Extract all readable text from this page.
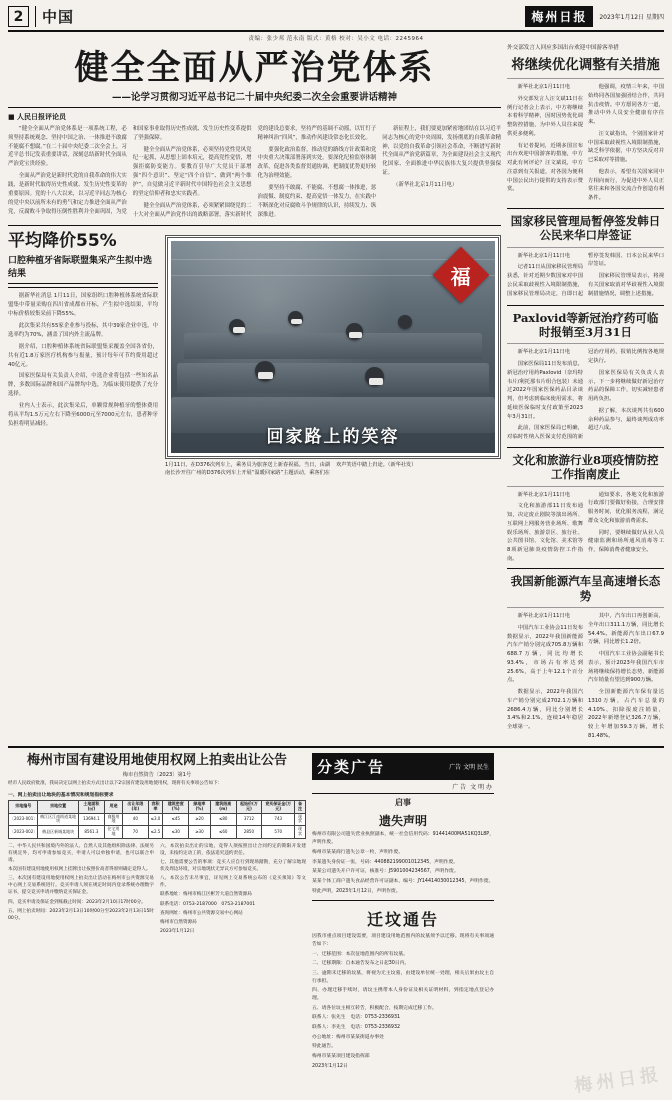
2	中国	梅州日报	2023年1月12日 星期四
责编：张少邦 范永南 版式：黄格 校对：吴小文 电话：2245964
健全全面从严治党体系
——论学习贯彻习近平总书记二十届中央纪委二次全会重要讲话精神
■ 人民日报评论员

“健全全面从严治党体系是一项系统工程，必须坚持系统观念、坚持中国之治、一体推进不敢腐不能腐不想腐。”在二十届中央纪委二次全会上，习近平总书记发表重要讲话，深刻总结新时代全面从严治党宝贵经验。

全面从严治党是新时代党的自我革命的伟大实践，是新时代取得历史性成就、发生历史性变革的重要原因。党的十八大以来，以习近平同志为核心的党中央以前所未有的勇气和定力推进全面从严治党，反腐败斗争取得压倒性胜利并全面巩固，为党和国家事业取得历史性成就、发生历史性变革提供了坚强保障。

健全全面从严治党体系，必须坚持党性党风党纪一起抓，从思想上固本培元，提高党性觉悟，增强拒腐防变能力。要教育引导广大党员干部增强“四个意识”、坚定“四个自信”、做到“两个维护”，自觉做习近平新时代中国特色社会主义思想的坚定信仰者和忠实实践者。

健全全面从严治党体系，必须紧紧围绕党的二十大对全面从严治党作出的战略部署，落实新时代党的建设总要求，坚持严的基调不动摇，以钉钉子精神纠治“四风”，推动作风建设常态化长效化。

要强化政治监督，推动党的路线方针政策和党中央重大决策部署落到实处。要深化纪检监察体制改革，促进各类监督贯通协调，把制度优势更好转化为治理效能。

要坚持不敢腐、不能腐、不想腐一体推进，惩治震慑、制度约束、提高觉悟一体发力，在实践中不断深化对反腐败斗争规律的认识，持续发力、纵深推进。

新征程上，我们要更加紧密地团结在以习近平同志为核心的党中央周围，发扬彻底的自我革命精神，以党的自我革命引领社会革命，不断谱写新时代全面从严治党新篇章，为全面建设社会主义现代化国家、全面推进中华民族伟大复兴提供坚强保证。

（新华社北京1月11日电）

平均降价55%
口腔种植牙省际联盟集采产生拟中选结果

据新华社消息 1月11日，国家组织口腔种植体系统省际联盟集中带量采购在四川省成都市开标，产生拟中选结果，平均中标价格较集采前下降55%。

此次集采共有55家企业参与投标，其中39家企业中选，中选率约为70%，涵盖了国内外主流品牌。

据介绍，口腔种植体系统省际联盟集采覆盖全国各省份，共有近1.8万家医疗机构参与报量，预计每年可节约费用超过40亿元。

国家医保局有关负责人介绍，中选企业将包括一些知名品牌，多数国际品牌和国产品牌均中选，为临床使用提供了充分选择。

业内人士表示，此次集采后，单颗常规种植牙的整体费用将从平均1.5万元左右下降至6000元至7000元左右，患者种牙负担将明显减轻。

福
回家路上的笑容
1月11日，在D376次列车上，乘务员为旅客送上新春祝福。当日，由湖南长沙开往广州的D376次列车上开展“温暖回家路”主题活动，乘客们在欢声笑语中踏上归途。（新华社发）
外交部发言人回应多国出台欢迎中国游客举措
将继续优化调整有关措施

新华社北京1月11日电

外交部发言人汪文斌11日在例行记者会上表示，中方将继续本着科学精神，因时因势优化调整防控措施，为中外人员往来提供更多便利。

有记者提问，近期多国宣布出台欢迎中国游客的措施，中方对此有何评论？汪文斌说，中方注意到有关报道，对各国为便利中国公民出行提供的支持表示赞赏。

他强调，疫情三年来，中国始终同各国加强团结合作，共同抗击疫情。中方愿同各方一道，推动中外人员安全健康有序往来。

汪文斌指出，个别国家针对中国采取歧视性入境限制措施，缺乏科学依据，中方坚决反对并已采取对等措施。

他表示，希望有关国家同中方相向而行，为促进中外人员正常往来和各国交流合作创造有利条件。

国家移民管理局暂停签发韩日公民来华口岸签证

新华社北京1月11日电

记者11日从国家移民管理局获悉，针对近期少数国家对中国公民采取歧视性入境限制措施，国家移民管理局决定，自即日起暂停签发韩国、日本公民来华口岸签证。

国家移民管理局表示，将视有关国家取消对华歧视性入境限制措施情况，调整上述措施。

Paxlovid等新冠治疗药可临时报销至3月31日

新华社北京1月11日电

国家医保局11日发布消息，新冠治疗用药Paxlovid（奈玛特韦片/利托那韦片组合包装）未通过2022年国家医保药品目录谈判，但考虑到临床使用需求，将延续医保临时支付政策至2023年3月31日。

此前，国家医保局已明确，对临时性纳入医保支付范围的新冠治疗用药，报销比例按各地规定执行。

国家医保局有关负责人表示，下一步将继续做好新冠治疗药品的保障工作，切实减轻患者用药负担。

据了解，本次谈判共有600余种药品参与，最终谈判成功率超过八成。

文化和旅游行业8项疫情防控工作指南废止

新华社北京1月11日电

文化和旅游部11日发布通知，决定废止剧院等演出场所、互联网上网服务营业场所、歌舞娱乐场所、旅游景区、旅行社、公共图书馆、文化馆、美术馆等8项新冠肺炎疫情防控工作指南。

通知要求，各地文化和旅游行政部门要做好衔接，合理安排服务时间，优化服务流程，满足群众文化和旅游消费需求。

同时，要继续做好从业人员健康监测和场所通风消毒等工作，保障消费者健康安全。

我国新能源汽车呈高速增长态势

新华社北京1月11日电

中国汽车工业协会11日发布数据显示，2022年我国新能源汽车产销分别完成705.8万辆和688.7万辆，同比均增长93.4%，市场占有率达到25.6%，高于上年12.1个百分点。

数据显示，2022年我国汽车产销分别完成2702.1万辆和2686.4万辆，同比分别增长3.4%和2.1%，连续14年稳居全球第一。

其中，汽车出口再创新高，全年出口311.1万辆，同比增长54.4%。新能源汽车出口67.9万辆，同比增长1.2倍。

中国汽车工业协会副秘书长表示，预计2023年我国汽车市场将继续保持增长态势，新能源汽车销量有望达到900万辆。

全国新能源汽车保有量达1310万辆，占汽车总量的4.10%，扣除报废注销量，2022年新增登记326.7万辆，较上年增加59.3万辆，增长81.48%。

梅州市国有建设用地使用权网上拍卖出让公告
梅市自然资告〔2023〕第1号
经市人民政府批准，我局决定以网上拍卖方式出让以下2宗国有建设用地使用权，现将有关事项公告如下：
一、网上拍卖出让地块的基本情况和规划指标要求
宗地编号	宗地位置	土地面积(㎡)	用途	出让年限(年)	容积率	建筑密度(%)	绿地率(%)	建筑限高(m)	起始价(万元)	竞买保证金(万元)	备注
〔2023-001〕	梅江区江南街道某地块	13694.1	商服用地	40	≤3.0	≤45	≥20	≤80	3712	743	现状
〔2023-002〕	梅县区新城某地块	8561.3	住宅用地	70	≤2.5	≤30	≥30	≤60	2850	570	现状

二、中华人民共和国境内外的法人、自然人及其他组织除法律、法规另有规定外，均可申请参加竞买，申请人可以单独申请，也可以联合申请。

本次国有建设用地使用权网上挂牌出让按照价高者得原则确定竞得人。

三、本次国有建设用地使用权网上拍卖出让活动在梅州市公共资源交易中心网上交易系统进行。竞买申请人须在规定时间内登录系统办理数字证书，提交竞买申请并缴纳竞买保证金。

四、竞买申请及保证金到账截止时间：2023年2月10日17时00分。

五、网上拍卖时间：2023年2月13日10时00分至2023年2月13日15时00分。

六、本次拍卖出让的宗地，竞得人须按照出让合同约定的期限开发建设，未按约定动工的，依法追究违约责任。

七、其他需要公告的事项：竞买人应自行到现场踏勘，充分了解宗地现状及周边环境，对宗地现状无异议方可参加竞买。

八、本次公告未尽事宜，详见网上交易系统公布的《竞买须知》等文件。

联系地址：梅州市梅江区彬芳大道自然资源局

联系电话：0753-2187000　0753-2187001

查询网址：梅州市公共资源交易中心网站

梅州市自然资源局

2023年1月12日

分类广告	广告 文明 民生
广 告 文 明 办
启事
遗失声明

梅州市有限公司遗失营业执照副本，统一社会信用代码：91441400MA51KQ3L8P，声明作废。

梅州市某某商行遗失公章一枚，声明作废。

李某遗失身份证一张，号码：440882199001012345，声明作废。

某某公司遗失开户许可证，核准号：J5901004234567，声明作废。

某某个体工商户遗失食品经营许可证副本，编号：JY14414030012345，声明作废。

特此声明，2023年1月12日，声明作废。

迁坟通告

因我市重点项目建设需要，项目建设用地范围内的坟墓须予以迁移。现将有关事项通告如下：

一、迁移范围：本次征地范围内的所有坟墓。

二、迁移期限：自本通告发布之日起30日内。

三、逾期未迁移的坟墓，将视为无主坟墓，由建设单位统一处理，相关后果由坟主自行承担。

四、办理迁移手续时，请坟主携带本人身份证及相关证明材料，到指定地点登记办理。

五、请各位坟主相互转告，积极配合，按期完成迁移工作。

联系人：张先生　电话：0753-2336931

联系人：李先生　电话：0753-2336932

办公地址：梅州市某某街道办事处

特此通告。

梅州市某某项目建设指挥部

2023年1月12日	梅州日报
